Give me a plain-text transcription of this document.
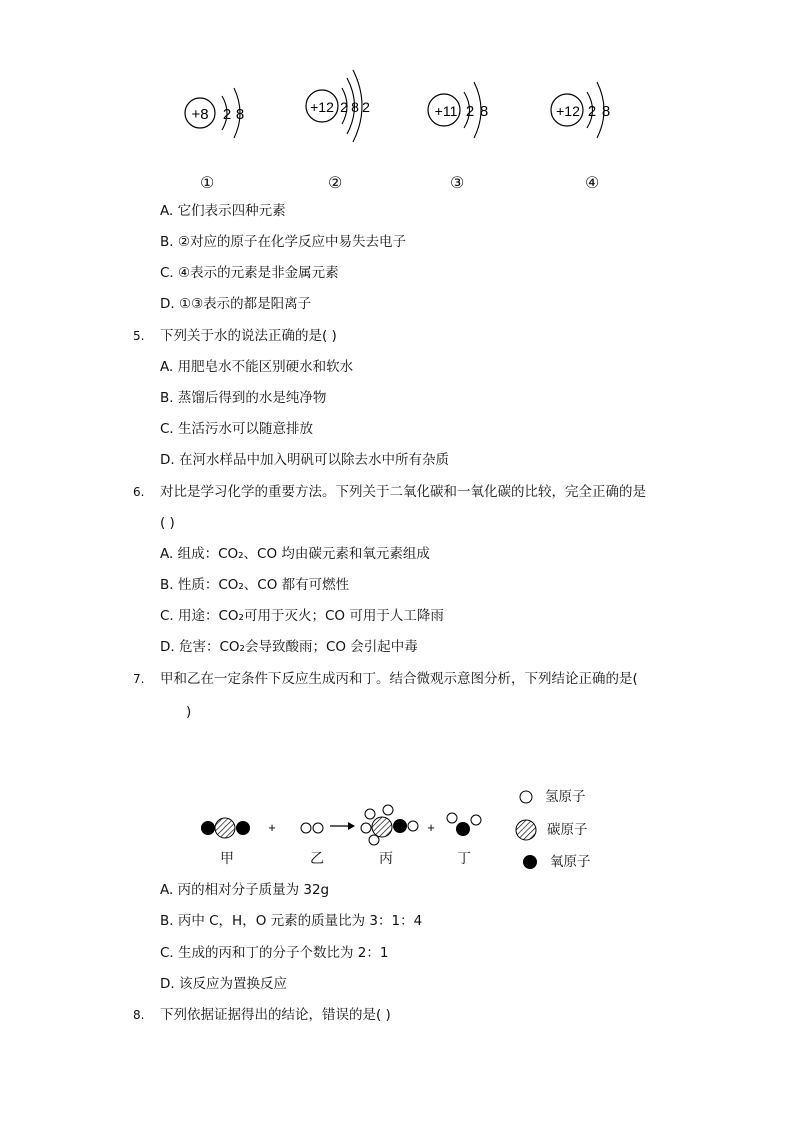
+8 2 8	+12 2 8 2	+11 2 8	+12 2 8
①	②	③	④
A. 它们表示四种元素
B. ②对应的原子在化学反应中易失去电子
C. ④表示的元素是非金属元素
D. ①③表示的都是阳离子
5. 下列关于水的说法正确的是( )
A. 用肥皂水不能区别硬水和软水
B. 蒸馏后得到的水是纯净物
C. 生活污水可以随意排放
D. 在河水样品中加入明矾可以除去水中所有杂质
6. 对比是学习化学的重要方法。下列关于二氧化碳和一氧化碳的比较，完全正确的是
( )
A. 组成：CO₂、CO 均由碳元素和氧元素组成
B. 性质：CO₂、CO 都有可燃性
C. 用途：CO₂可用于灭火；CO 可用于人工降雨
D. 危害：CO₂会导致酸雨；CO 会引起中毒
7. 甲和乙在一定条件下反应生成丙和丁。结合微观示意图分析，下列结论正确的是(
)
+	+
氢原子
碳原子
氧原子
甲	乙	丙	丁
A. 丙的相对分子质量为 32g
B. 丙中 C，H，O 元素的质量比为 3：1：4
C. 生成的丙和丁的分子个数比为 2：1
D. 该反应为置换反应
8. 下列依据证据得出的结论，错误的是( )
